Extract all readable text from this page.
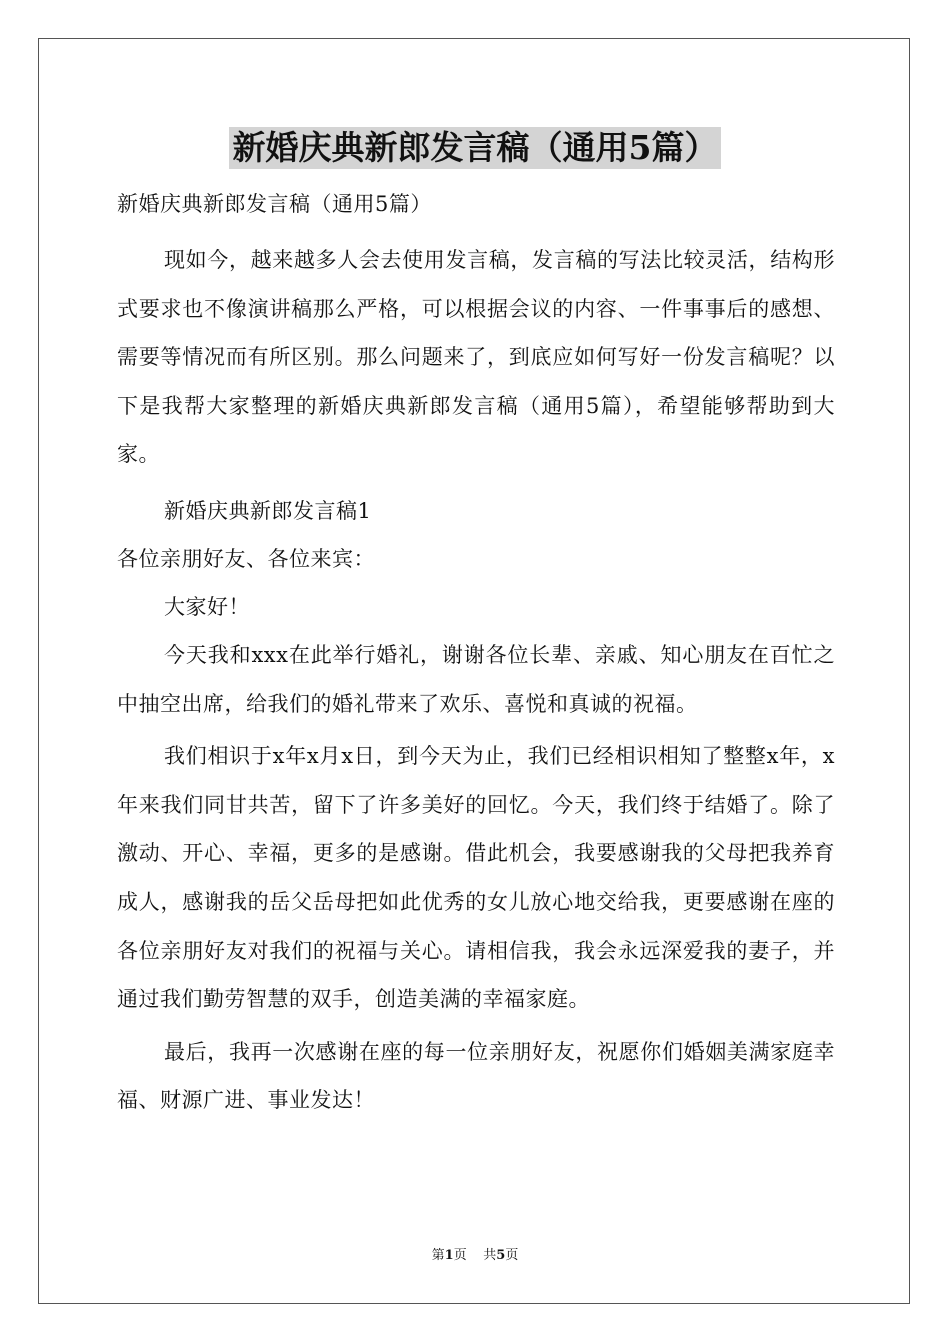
新婚庆典新郎发言稿（通用5篇）
新婚庆典新郎发言稿（通用5篇）
现如今，越来越多人会去使用发言稿，发言稿的写法比较灵活，结构形式要求也不像演讲稿那么严格，可以根据会议的内容、一件事事后的感想、需要等情况而有所区别。那么问题来了，到底应如何写好一份发言稿呢？以下是我帮大家整理的新婚庆典新郎发言稿（通用5篇），希望能够帮助到大家。
新婚庆典新郎发言稿1
各位亲朋好友、各位来宾：
大家好！
今天我和xxx在此举行婚礼，谢谢各位长辈、亲戚、知心朋友在百忙之中抽空出席，给我们的婚礼带来了欢乐、喜悦和真诚的祝福。
我们相识于x年x月x日，到今天为止，我们已经相识相知了整整x年，x年来我们同甘共苦，留下了许多美好的回忆。今天，我们终于结婚了。除了激动、开心、幸福，更多的是感谢。借此机会，我要感谢我的父母把我养育成人，感谢我的岳父岳母把如此优秀的女儿放心地交给我，更要感谢在座的各位亲朋好友对我们的祝福与关心。请相信我，我会永远深爱我的妻子，并通过我们勤劳智慧的双手，创造美满的幸福家庭。
最后，我再一次感谢在座的每一位亲朋好友，祝愿你们婚姻美满家庭幸福、财源广进、事业发达！
第1页 共5页
